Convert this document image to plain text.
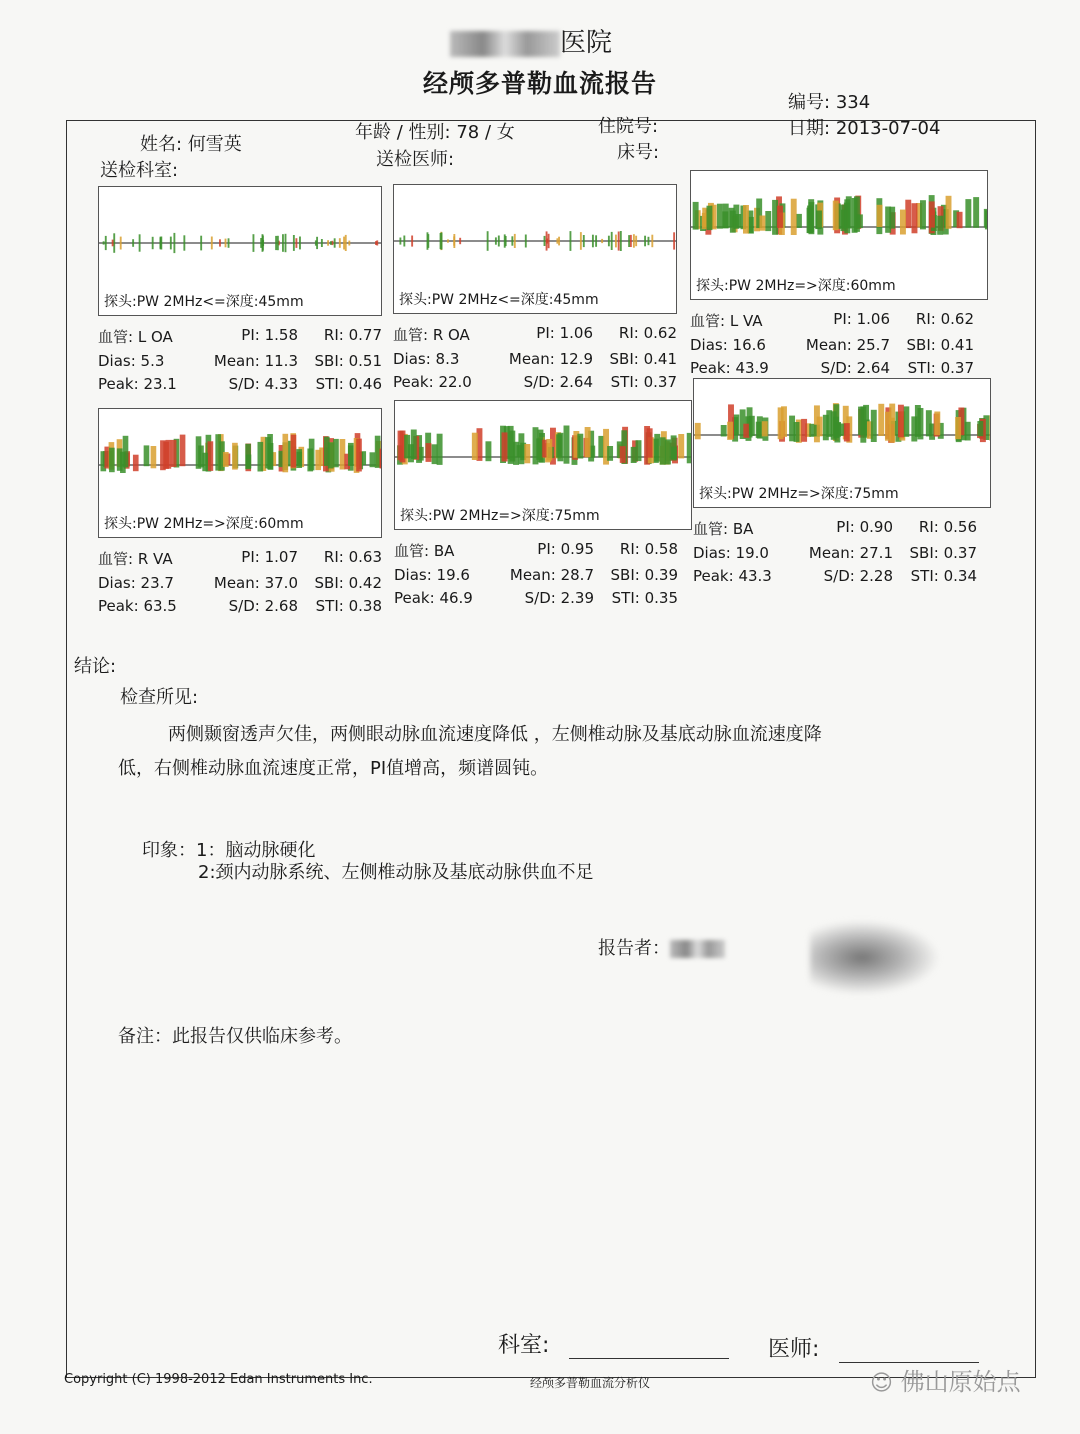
医院
经颅多普勒血流报告
姓名: 何雪英
送检科室:
年龄 / 性别: 78 / 女
送检医师:
住院号:
床号:
编号: 334
日期: 2013-07-04
探头:PW 2MHz<=深度:45mm
血管: L OA	PI: 1.58	RI: 0.77
Dias: 5.3	Mean: 11.3	SBI: 0.51
Peak: 23.1	S/D: 4.33	STI: 0.46
探头:PW 2MHz<=深度:45mm
血管: R OA	PI: 1.06	RI: 0.62
Dias: 8.3	Mean: 12.9	SBI: 0.41
Peak: 22.0	S/D: 2.64	STI: 0.37
探头:PW 2MHz=>深度:60mm
血管: L VA	PI: 1.06	RI: 0.62
Dias: 16.6	Mean: 25.7	SBI: 0.41
Peak: 43.9	S/D: 2.64	STI: 0.37
探头:PW 2MHz=>深度:60mm
血管: R VA	PI: 1.07	RI: 0.63
Dias: 23.7	Mean: 37.0	SBI: 0.42
Peak: 63.5	S/D: 2.68	STI: 0.38
探头:PW 2MHz=>深度:75mm
血管: BA	PI: 0.95	RI: 0.58
Dias: 19.6	Mean: 28.7	SBI: 0.39
Peak: 46.9	S/D: 2.39	STI: 0.35
探头:PW 2MHz=>深度:75mm
血管: BA	PI: 0.90	RI: 0.56
Dias: 19.0	Mean: 27.1	SBI: 0.37
Peak: 43.3	S/D: 2.28	STI: 0.34
结论:
检查所见:
两侧颞窗透声欠佳，两侧眼动脉血流速度降低 ，左侧椎动脉及基底动脉血流速度降
低，右侧椎动脉血流速度正常，PI值增高，频谱圆钝。
印象：1：脑动脉硬化
2:颈内动脉系统、左侧椎动脉及基底动脉供血不足
报告者：
备注：此报告仅供临床参考。
科室:	医师:
Copyright (C) 1998-2012 Edan Instruments Inc.	经颅多普勒血流分析仪	☺ 佛山原始点
